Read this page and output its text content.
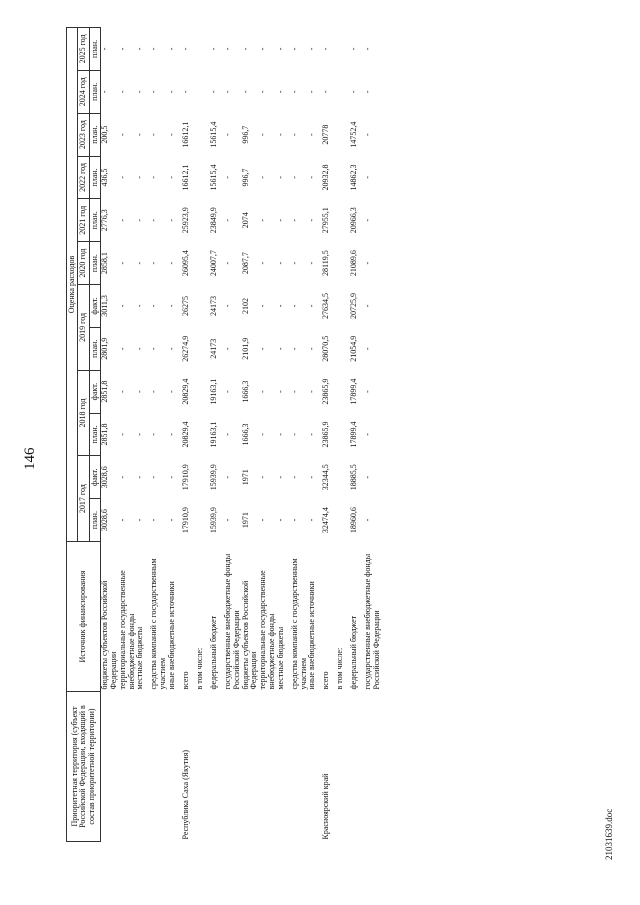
146
21031639.doc
Приоритетная территория (субъект Российской Федерации, входящий в состав приоритетной территории)	Источник финансирования	Оценка расходов											
		2017 год		2018 год		2019 год		2020 год	2021 год	2022 год	2023 год	2024 год	2025 год
		план.	факт.	план.	факт.	план.	факт.	план.	план.	план.	план.	план.	план.
	бюджеты субъектов Российской Федерации	3028,6	3028,6	2851,8	2851,8	2801,9	3011,3	2858,1	2776,3	436,5	200,5	-	-
	территориальные государственные внебюджетные фонды	-	-	-	-	-	-	-	-	-	-	-	-
	местные бюджеты	-	-	-	-	-	-	-	-	-	-	-	-
	средства компаний с государственным участием	-	-	-	-	-	-	-	-	-	-	-	-
	иные внебюджетные источники	-	-	-	-	-	-	-	-	-	-	-	-
Республика Саха (Якутия)	всего	17910,9	17910,9	20829,4	20829,4	26274,9	26275	26095,4	25923,9	16612,1	16612,1	-	-
	в том числе:												
	федеральный бюджет	15939,9	15939,9	19163,1	19163,1	24173	24173	24007,7	23849,9	15615,4	15615,4	-	-
	государственные внебюджетные фонды Российской Федерации	-	-	-	-	-	-	-	-	-	-	-	-
	бюджеты субъектов Российской Федерации	1971	1971	1666,3	1666,3	2101,9	2102	2087,7	2074	996,7	996,7	-	-
	территориальные государственные внебюджетные фонды	-	-	-	-	-	-	-	-	-	-	-	-
	местные бюджеты	-	-	-	-	-	-	-	-	-	-	-	-
	средства компаний с государственным участием	-	-	-	-	-	-	-	-	-	-	-	-
	иные внебюджетные источники	-	-	-	-	-	-	-	-	-	-	-	-
Красноярский край	всего	32474,4	32344,5	23865,9	23865,9	28070,5	27634,5	28119,5	27955,1	20932,8	20778	-	-
	в том числе:												
	федеральный бюджет	18960,6	18885,5	17899,4	17899,4	21054,9	20725,9	21089,6	20966,3	14862,3	14752,4	-	-
	государственные внебюджетные фонды Российской Федерации	-	-	-	-	-	-	-	-	-	-	-	-
